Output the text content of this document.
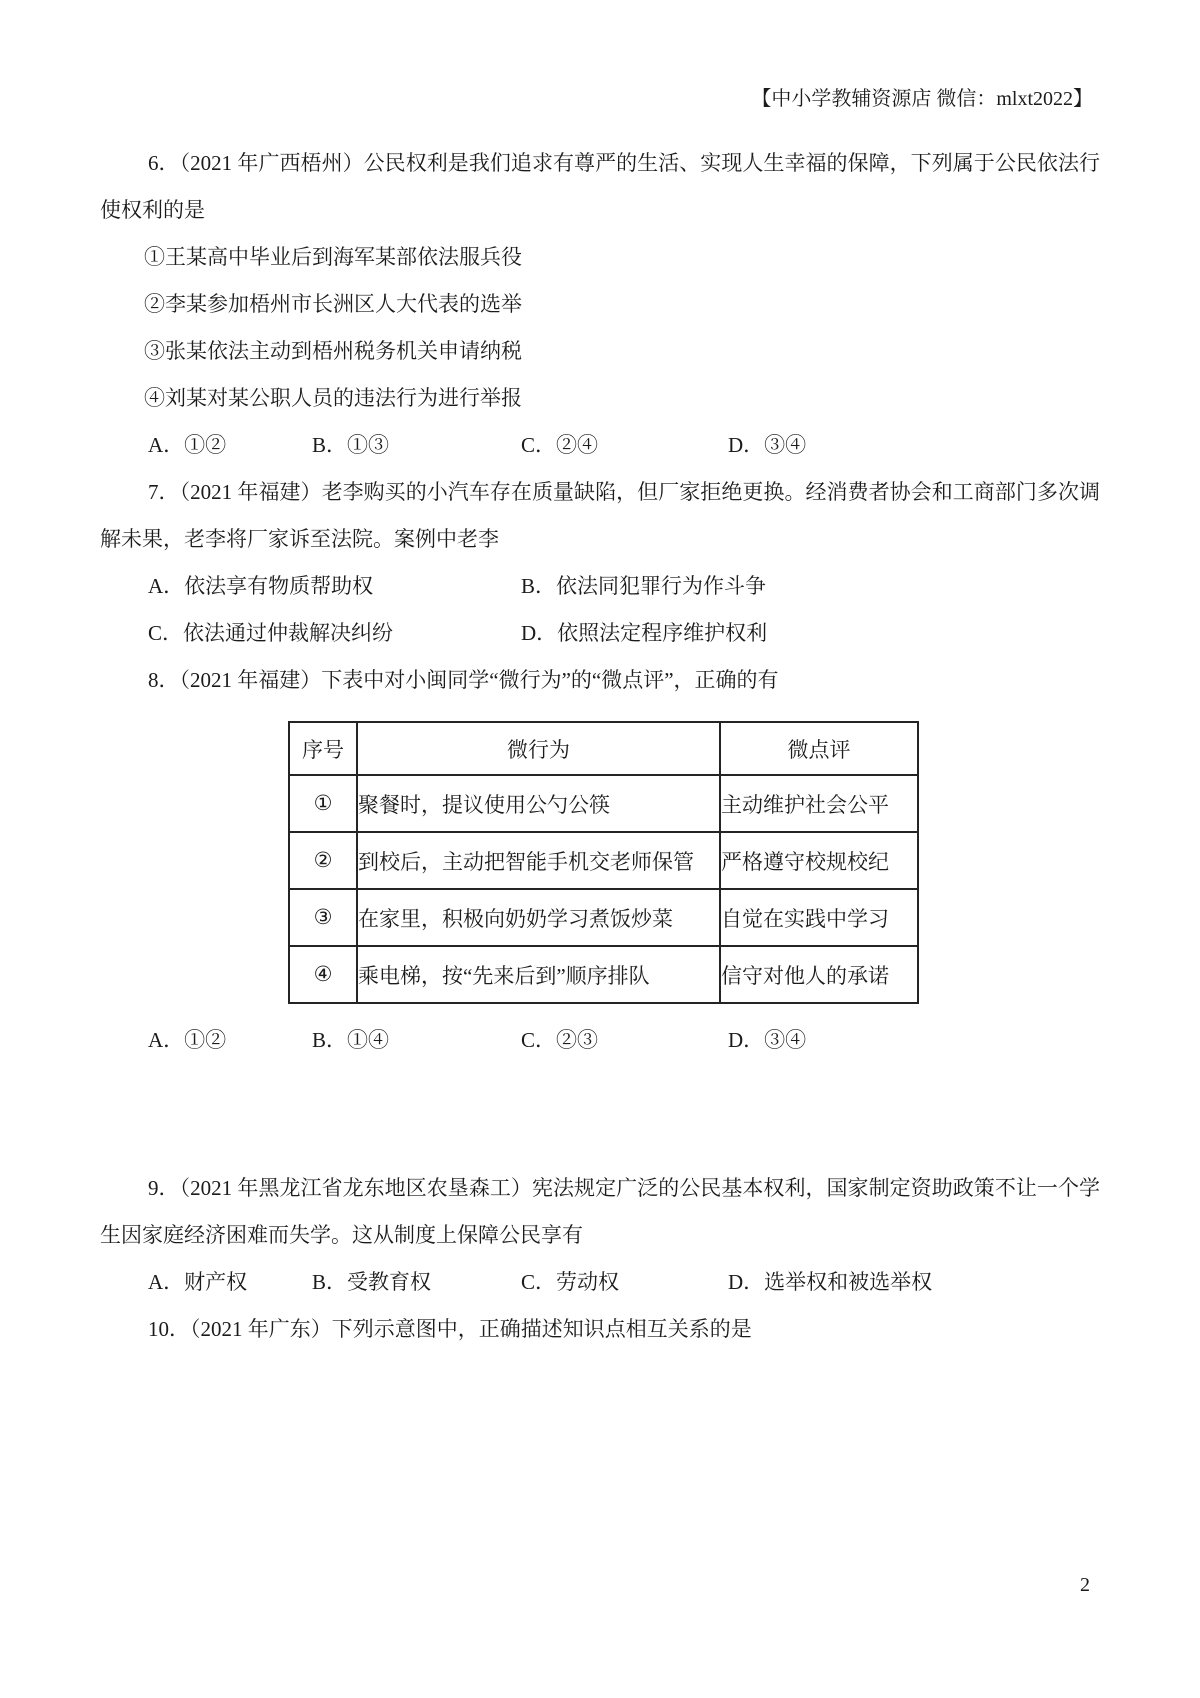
【中小学教辅资源店 微信：mlxt2022】

6．（2021 年广西梧州）公民权利是我们追求有尊严的生活、实现人生幸福的保障，下列属于公民依法行使权利的是

①王某高中毕业后到海军某部依法服兵役

②李某参加梧州市长洲区人大代表的选举

③张某依法主动到梧州税务机关申请纳税

④刘某对某公职人员的违法行为进行举报

A．①②	B．①③	C．②④	D．③④

7．（2021 年福建）老李购买的小汽车存在质量缺陷，但厂家拒绝更换。经消费者协会和工商部门多次调解未果，老李将厂家诉至法院。案例中老李

A．依法享有物质帮助权	B．依法同犯罪行为作斗争
C．依法通过仲裁解决纠纷	D．依照法定程序维护权利

8．（2021 年福建）下表中对小闽同学“微行为”的“微点评”，正确的有

序号	微行为	微点评
①	聚餐时，提议使用公勺公筷	主动维护社会公平
②	到校后，主动把智能手机交老师保管	严格遵守校规校纪
③	在家里，积极向奶奶学习煮饭炒菜	自觉在实践中学习
④	乘电梯，按“先来后到”顺序排队	信守对他人的承诺
A．①②	B．①④	C．②③	D．③④

9．（2021 年黑龙江省龙东地区农垦森工）宪法规定广泛的公民基本权利，国家制定资助政策不让一个学生因家庭经济困难而失学。这从制度上保障公民享有

A．财产权	B．受教育权	C．劳动权	D．选举权和被选举权

10．（2021 年广东）下列示意图中，正确描述知识点相互关系的是

2
